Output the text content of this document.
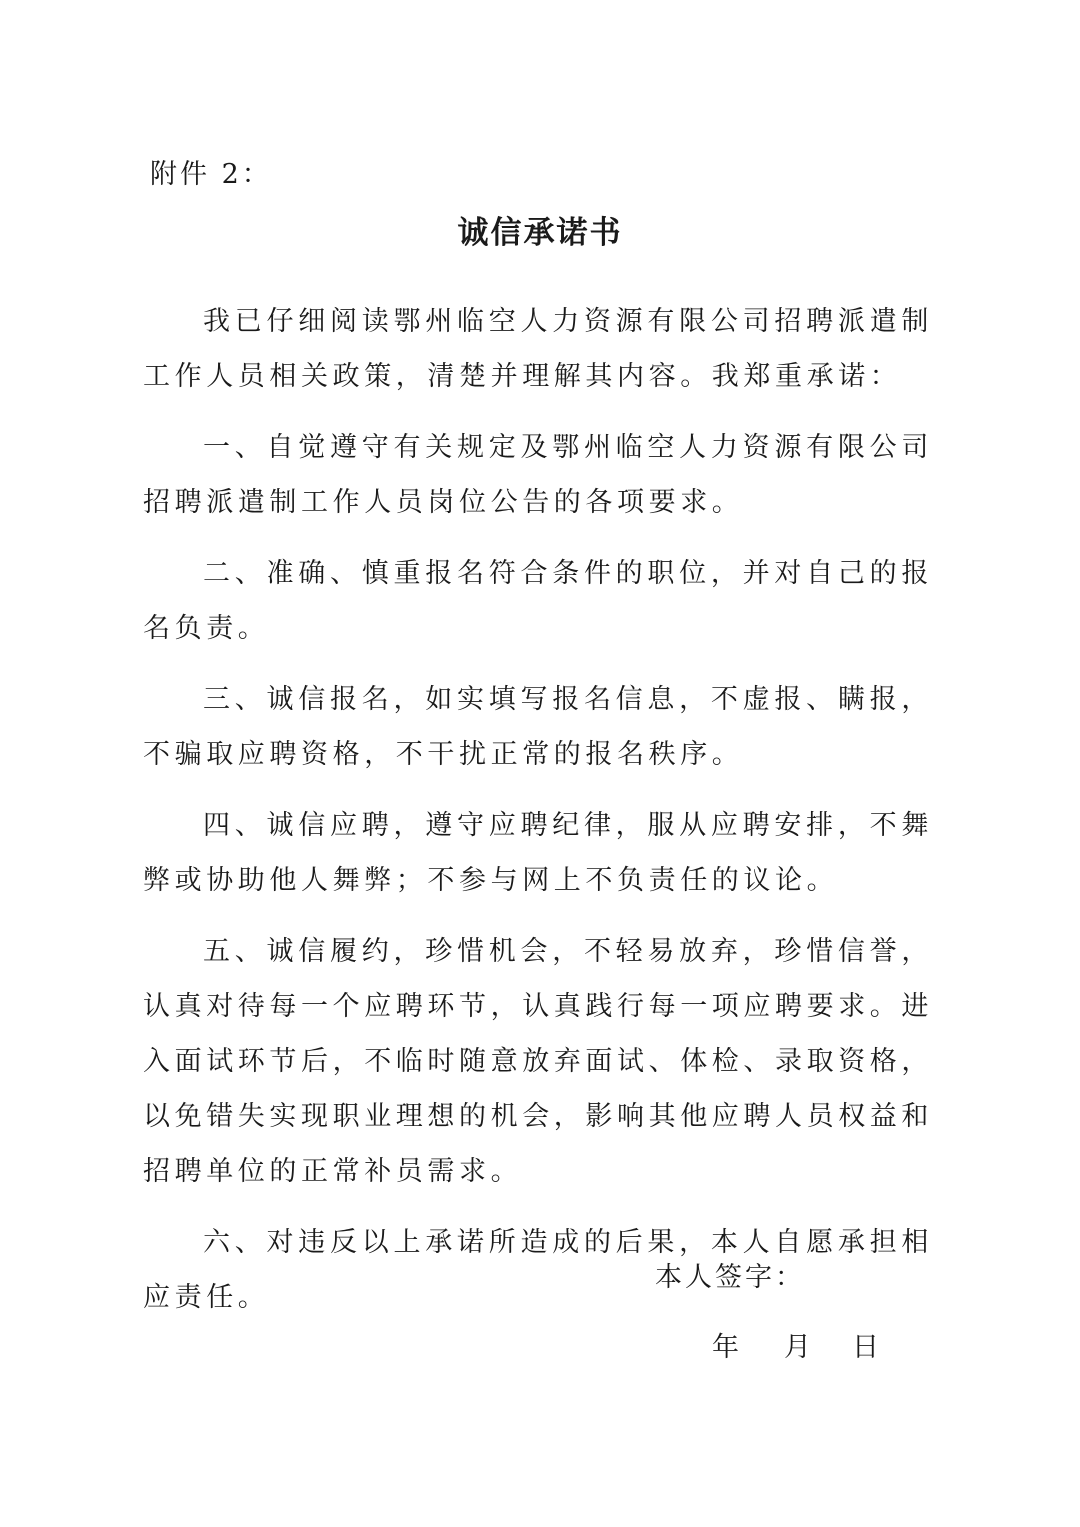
附件 2：
诚信承诺书

我已仔细阅读鄂州临空人力资源有限公司招聘派遣制工作人员相关政策，清楚并理解其内容。我郑重承诺：

一、自觉遵守有关规定及鄂州临空人力资源有限公司招聘派遣制工作人员岗位公告的各项要求。

二、准确、慎重报名符合条件的职位，并对自己的报名负责。

三、诚信报名，如实填写报名信息，不虚报、瞒报，不骗取应聘资格，不干扰正常的报名秩序。

四、诚信应聘，遵守应聘纪律，服从应聘安排，不舞弊或协助他人舞弊；不参与网上不负责任的议论。

五、诚信履约，珍惜机会，不轻易放弃，珍惜信誉，认真对待每一个应聘环节，认真践行每一项应聘要求。进入面试环节后，不临时随意放弃面试、体检、录取资格，以免错失实现职业理想的机会，影响其他应聘人员权益和招聘单位的正常补员需求。

六、对违反以上承诺所造成的后果，本人自愿承担相应责任。

本人签字：
年	月	日
